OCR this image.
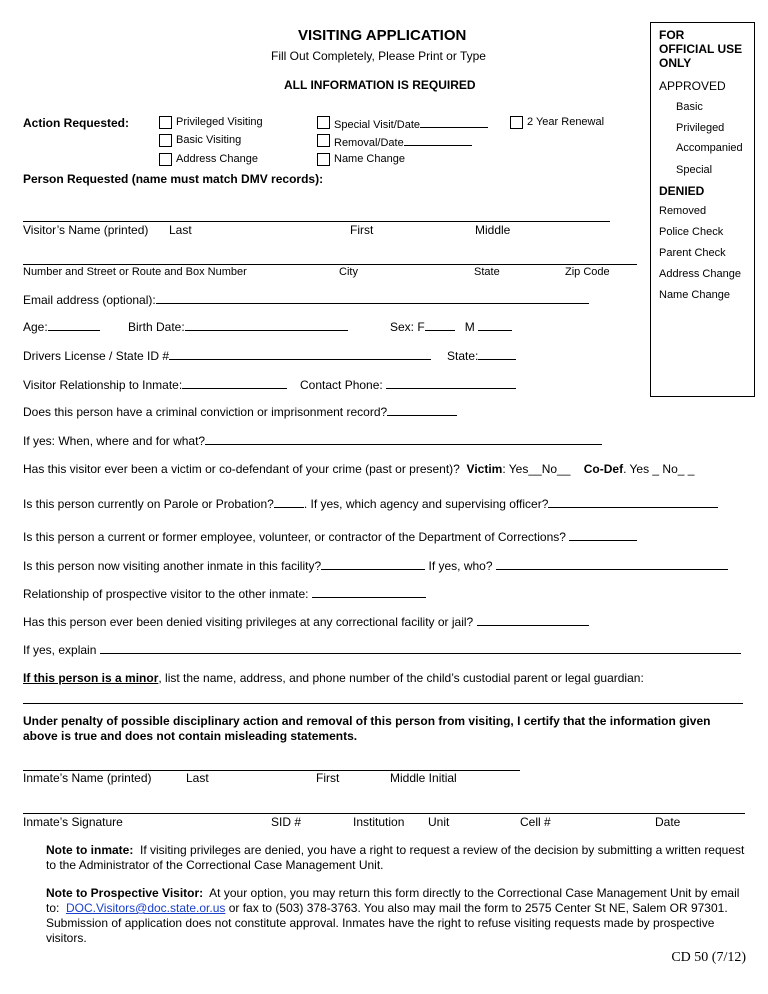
VISITING APPLICATION
Fill Out Completely, Please Print or Type
ALL INFORMATION IS REQUIRED
FOR
OFFICIAL USE
ONLY
APPROVED
Basic
Privileged
Accompanied
Special
DENIED
Removed
Police Check
Parent Check
Address Change
Name Change
Action Requested:	Privileged Visiting
Basic Visiting
Address Change
Special Visit/Date
Removal/Date
Name Change
2 Year Renewal
Person Requested (name must match DMV records):
Visitor’s Name (printed) Last	First	Middle
Number and Street or Route and Box Number	City	State	Zip Code
Email address (optional):
Age:	Birth Date:	Sex: F	M
Drivers License / State ID #	State:
Visitor Relationship to Inmate:	Contact Phone:
Does this person have a criminal conviction or imprisonment record?
If yes: When, where and for what?
Has this visitor ever been a victim or co-defendant of your crime (past or present)? Victim: Yes__No__ Co-Def. Yes _ No_ _
Is this person currently on Parole or Probation?	. If yes, which agency and supervising officer?
Is this person a current or former employee, volunteer, or contractor of the Department of Corrections?
Is this person now visiting another inmate in this facility?	If yes, who?
Relationship of prospective visitor to the other inmate:
Has this person ever been denied visiting privileges at any correctional facility or jail?
If yes, explain
If this person is a minor, list the name, address, and phone number of the child’s custodial parent or legal guardian:
Under penalty of possible disciplinary action and removal of this person from visiting, I certify that the information given above is true and does not contain misleading statements.
Inmate’s Name (printed)	Last	First	Middle Initial
Inmate’s Signature	SID #	Institution Unit	Cell #	Date
Note to inmate: If visiting privileges are denied, you have a right to request a review of the decision by submitting a written request to the Administrator of the Correctional Case Management Unit.
Note to Prospective Visitor: At your option, you may return this form directly to the Correctional Case Management Unit by email to: DOC.Visitors@doc.state.or.us or fax to (503) 378-3763. You also may mail the form to 2575 Center St NE, Salem OR 97301. Submission of application does not constitute approval. Inmates have the right to refuse visiting requests made by prospective visitors.
CD 50 (7/12)
